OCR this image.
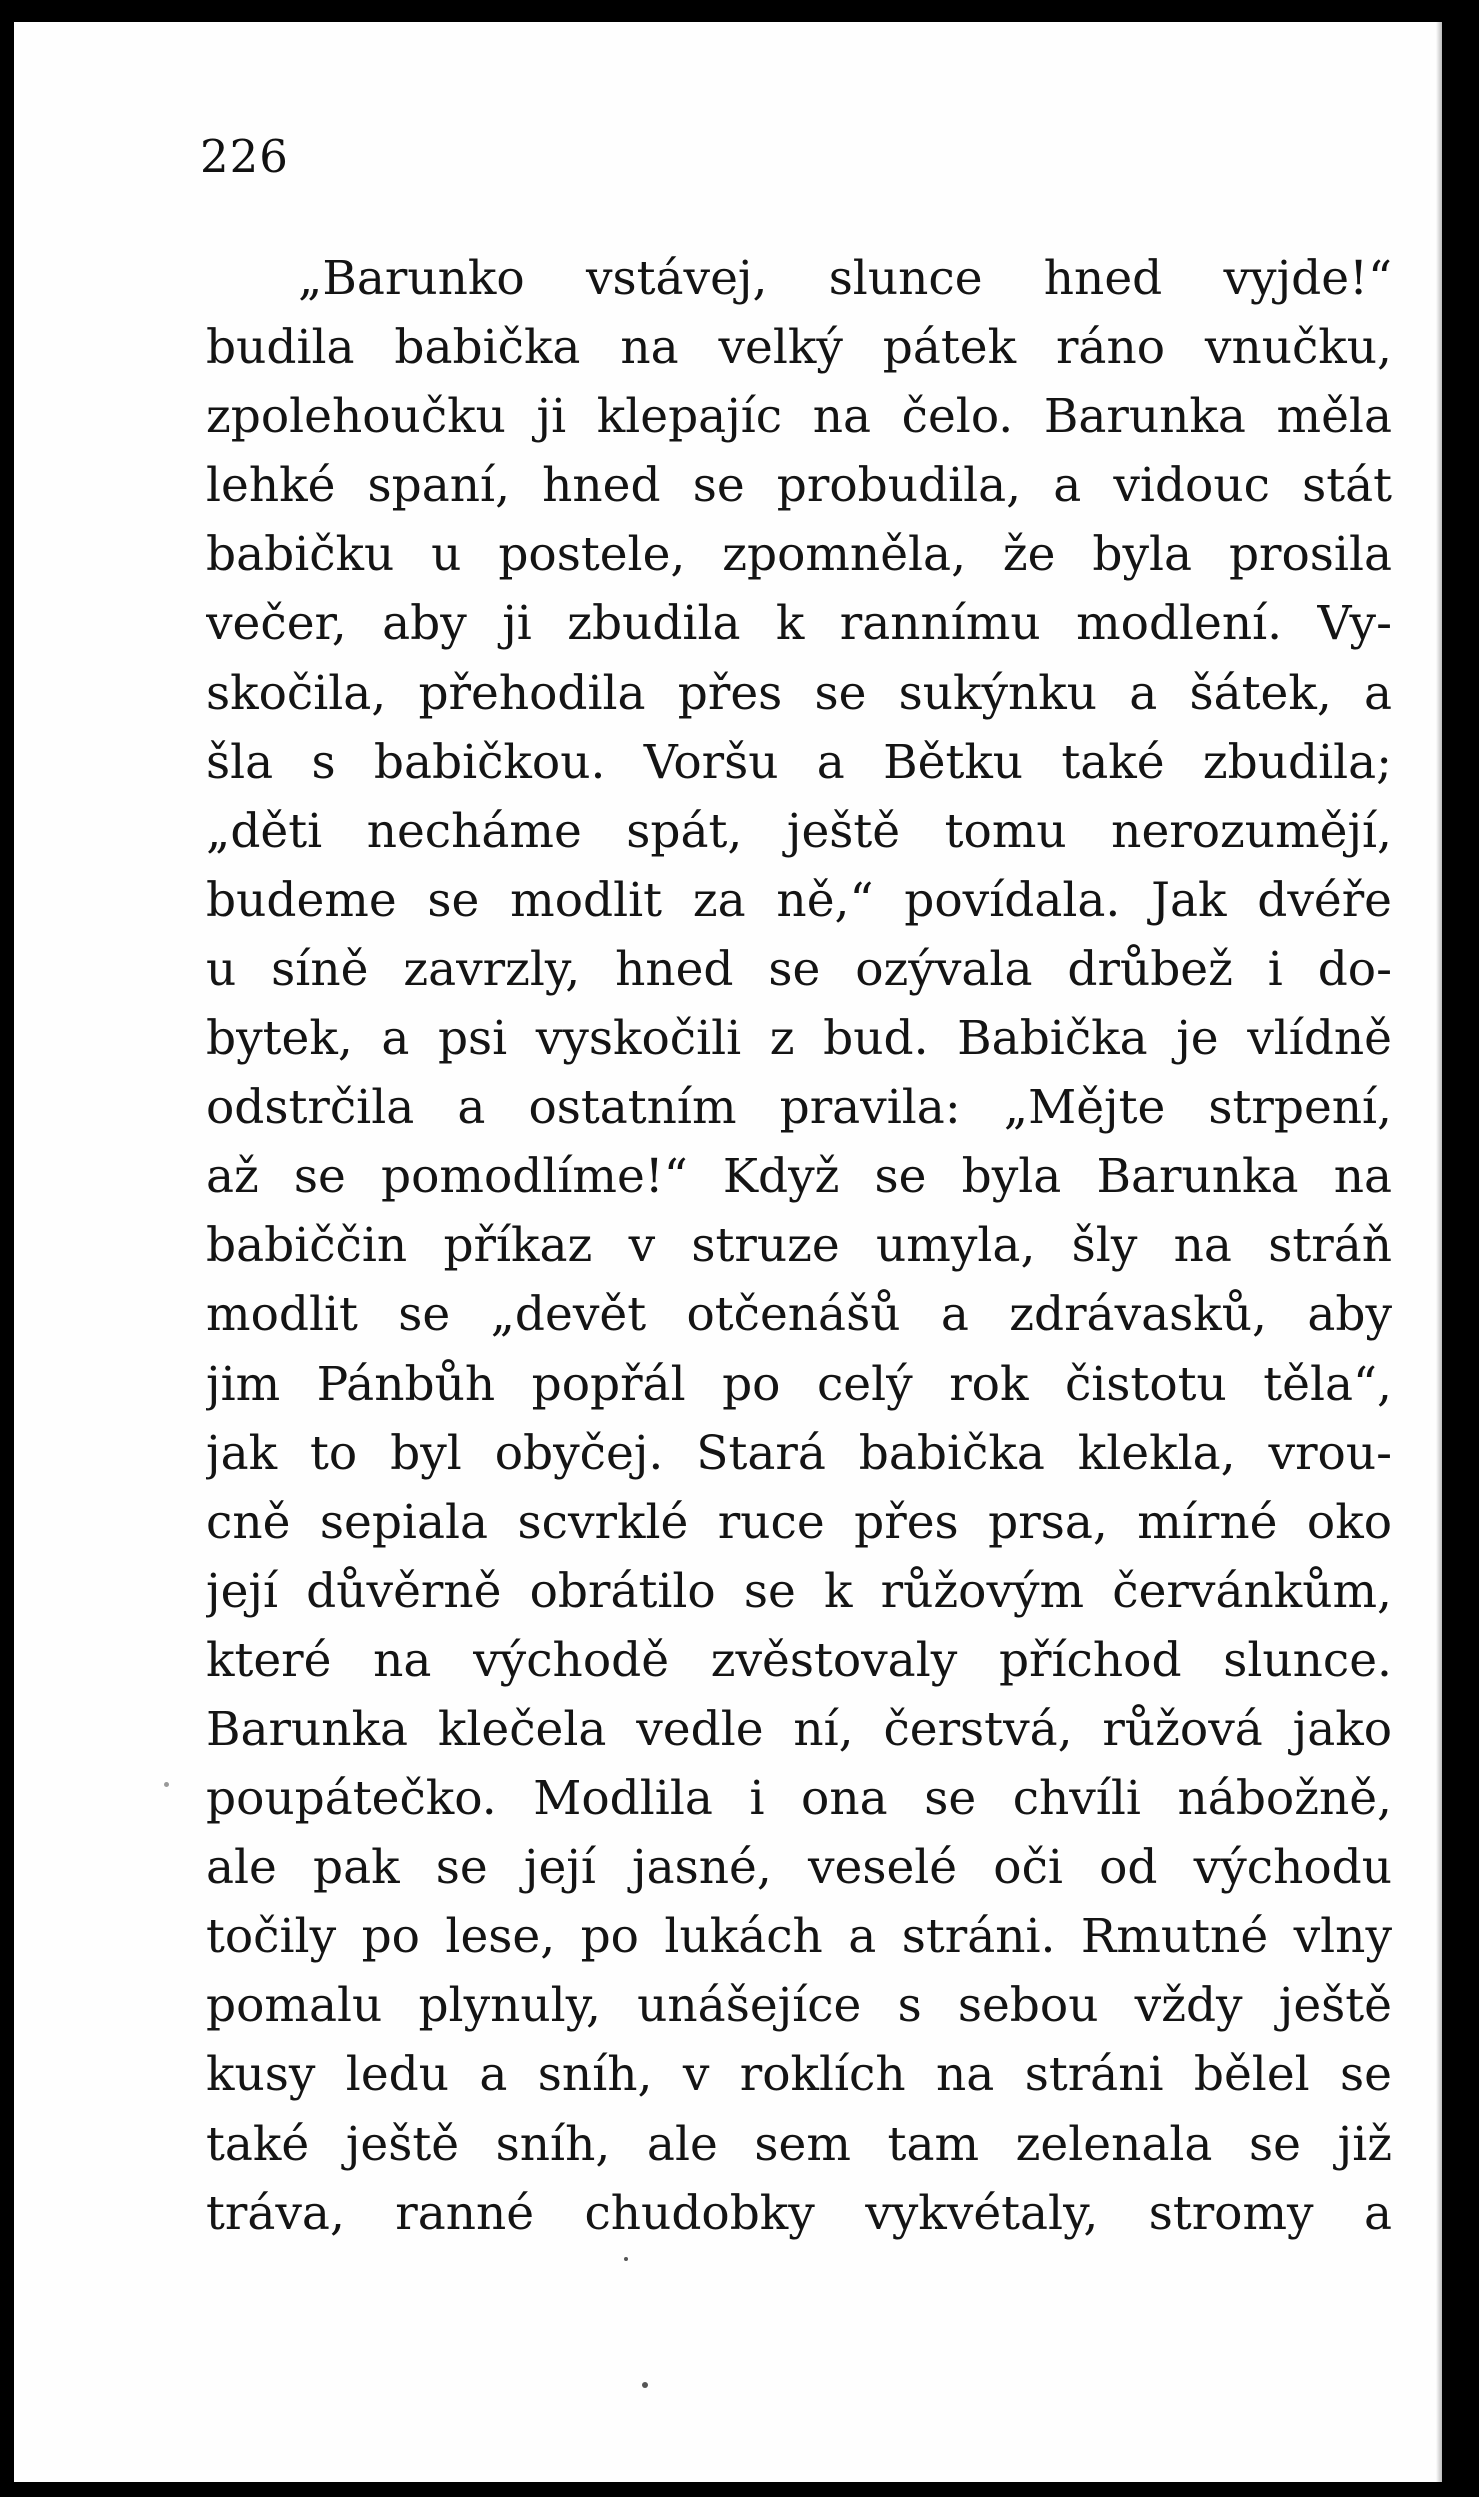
226
„Barunko vstávej, slunce hned vyjde!“
budila babička na velký pátek ráno vnučku,
zpolehoučku ji klepajíc na čelo. Barunka měla
lehké spaní, hned se probudila, a vidouc stát
babičku u postele, zpomněla, že byla prosila
večer, aby ji zbudila k rannímu modlení. Vy-
skočila, přehodila přes se sukýnku a šátek, a
šla s babičkou. Voršu a Bětku také zbudila;
„děti necháme spát, ještě tomu nerozumějí,
budeme se modlit za ně,“ povídala. Jak dvéře
u síně zavrzly, hned se ozývala drůbež i do-
bytek, a psi vyskočili z bud. Babička je vlídně
odstrčila a ostatním pravila: „Mějte strpení,
až se pomodlíme!“ Když se byla Barunka na
babiččin příkaz v struze umyla, šly na stráň
modlit se „devět otčenášů a zdrávasků, aby
jim Pánbůh popřál po celý rok čistotu těla“,
jak to byl obyčej. Stará babička klekla, vrou-
cně sepiala scvrklé ruce přes prsa, mírné oko
její důvěrně obrátilo se k růžovým červánkům,
které na východě zvěstovaly příchod slunce.
Barunka klečela vedle ní, čerstvá, růžová jako
poupátečko. Modlila i ona se chvíli nábožně,
ale pak se její jasné, veselé oči od východu
točily po lese, po lukách a stráni. Rmutné vlny
pomalu plynuly, unášejíce s sebou vždy ještě
kusy ledu a sníh, v roklích na stráni bělel se
také ještě sníh, ale sem tam zelenala se již
tráva, ranné chudobky vykvétaly, stromy a
